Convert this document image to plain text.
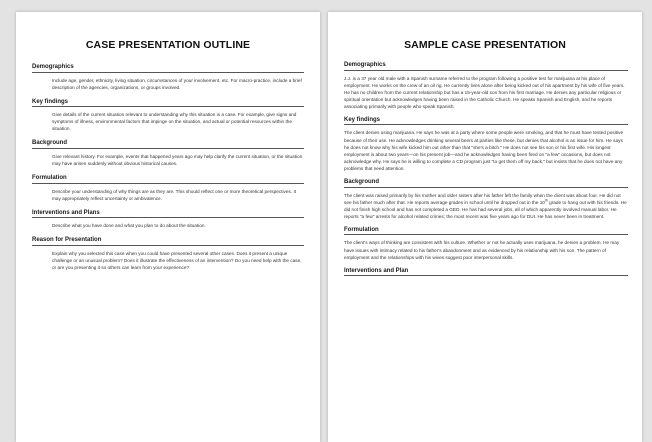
CASE PRESENTATION OUTLINE
Demographics
Include age, gender, ethnicity, living situation, circumstances of your involvement, etc. For macro-practice, include a brief description of the agencies, organizations, or groups involved.
Key findings
Give details of the current situation relevant to understanding why this situation is a case. For example, give signs and symptoms of illness, environmental factors that impinge on the situation, and actual or potential resources within the situation.
Background
Give relevant history. For example, events that happened years ago may help clarify the current situation, or the situation may have arisen suddenly without obvious historical causes.
Formulation
Describe your understanding of why things are as they are. This should reflect one or more theoretical perspectives. It may appropriately reflect uncertainty or ambivalence.
Interventions and Plans
Describe what you have done and what you plan to do about the situation.
Reason for Presentation
Explain why you selected this case when you could have presented several other cases. Does it present a unique challenge or an unusual problem? Does it illustrate the effectiveness of an intervention? Do you need help with the case, or are you presenting it so others can learn from your experience?
SAMPLE CASE PRESENTATION
Demographics
J.J. is a 37 year old male with a Spanish surname referred to the program following a positive test for marijuana at his place of employment. He works on the crew of an oil rig. He currently lives alone after being kicked out of his apartment by his wife of five years. He has no children from the current relationship but has a 15-year-old son from his first marriage. He denies any particular religious or spiritual orientation but acknowledges having been raised in the Catholic Church. He speaks Spanish and English, and he reports associating primarily with people who speak Spanish.
Key findings
The client denies using marijuana. He says he was at a party where some people were smoking, and that he must have tested positive because of their use. He acknowledges drinking several beers at parties like these, but denies that alcohol is an issue for him. He says he does not know why his wife kicked him out other than that "she's a bitch." He does not see his son or his first wife. His longest employment is about two years—on his present job—and he acknowledges having been fired on "a few" occasions, but does not acknowledge why. He says he is willing to complete a CD program just "to get them off my back," but insists that he does not have any problems that need attention.
Background
The client was raised primarily by his mother and older sisters after his father left the family when the client was about four. He did not see his father much after that. He reports average grades in school until he dropped out in the 10th grade to hang out with his friends. He did not finish high school and has not completed a GED. He has had several jobs, all of which apparently involved manual labor. He reports "a few" arrests for alcohol related crimes; the most recent was five years ago for DUI. He has never been in treatment.
Formulation
The client's ways of thinking are consistent with his culture. Whether or not he actually uses marijuana, he denies a problem. He may have issues with intimacy related to his father's abandonment and as evidenced by his relationship with his son. The pattern of employment and the relationships with his wives suggest poor interpersonal skills.
Interventions and Plan
